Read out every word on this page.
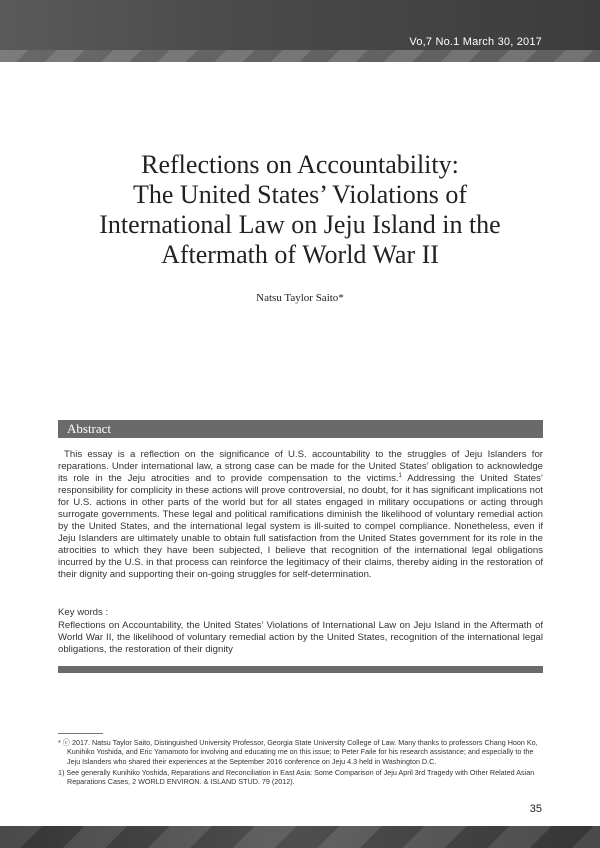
Vo,7 No.1 March 30, 2017
Reflections on Accountability:
The United States’ Violations of
International Law on Jeju Island in the
Aftermath of World War II
Natsu Taylor Saito*
Abstract
This essay is a reflection on the significance of U.S. accountability to the struggles of Jeju Islanders for reparations. Under international law, a strong case can be made for the United States’ obligation to acknowledge its role in the Jeju atrocities and to provide compensation to the victims.$^1$ Addressing the United States’ responsibility for complicity in these actions will prove controversial, no doubt, for it has significant implications not for U.S. actions in other parts of the world but for all states engaged in military occupations or acting through surrogate governments. These legal and political ramifications diminish the likelihood of voluntary remedial action by the United States, and the international legal system is ill-suited to compel compliance. Nonetheless, even if Jeju Islanders are ultimately unable to obtain full satisfaction from the United States government for its role in the atrocities to which they have been subjected, I believe that recognition of the international legal obligations incurred by the U.S. in that process can reinforce the legitimacy of their claims, thereby aiding in the restoration of their dignity and supporting their on-going struggles for self-determination.
Key words :
Reflections on Accountability, the United States’ Violations of International Law on Jeju Island in the Aftermath of World War II, the likelihood of voluntary remedial action by the United States, recognition of the international legal obligations, the restoration of their dignity

* ⓒ 2017. Natsu Taylor Saito, Distinguished University Professor, Georgia State University College of Law. Many thanks to professors Chang Hoon Ko, Kunihiko Yoshida, and Eric Yamamoto for involving and educating me on this issue; to Peter Faile for his research assistance; and especially to the Jeju Islanders who shared their experiences at the September 2016 conference on Jeju 4.3 held in Washington D.C.

1) See generally Kunihiko Yoshida, Reparations and Reconciliation in East Asia: Some Comparison of Jeju April 3rd Tragedy with Other Related Asian Reparations Cases, 2 WORLD ENVIRON. & ISLAND STUD. 79 (2012).

35
